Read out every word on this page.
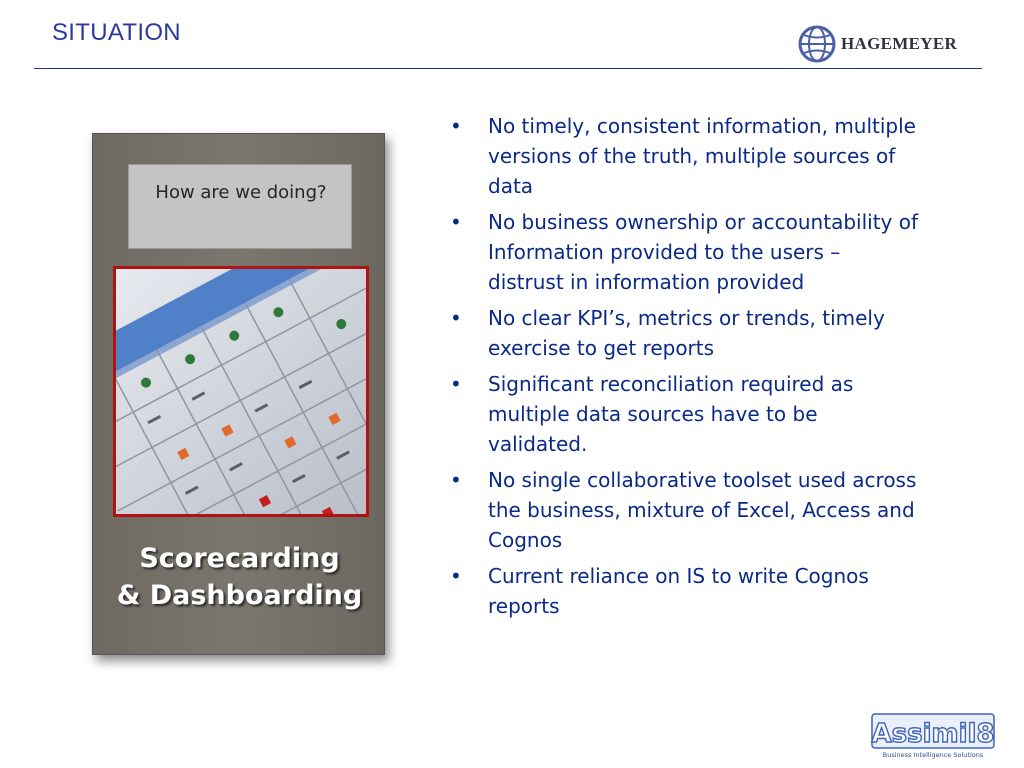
SITUATION	HAGEMEYER
How are we doing?
Scorecarding
& Dashboarding
• No timely, consistent information, multiple versions of the truth, multiple sources of data
• No business ownership or accountability of Information provided to the users – distrust in information provided
• No clear KPI’s, metrics or trends, timely exercise to get reports
• Significant reconciliation required as multiple data sources have to be validated.
• No single collaborative toolset used across the business, mixture of Excel, Access and Cognos
• Current reliance on IS to write Cognos reports
Assimil8
Business Intelligence Solutions
